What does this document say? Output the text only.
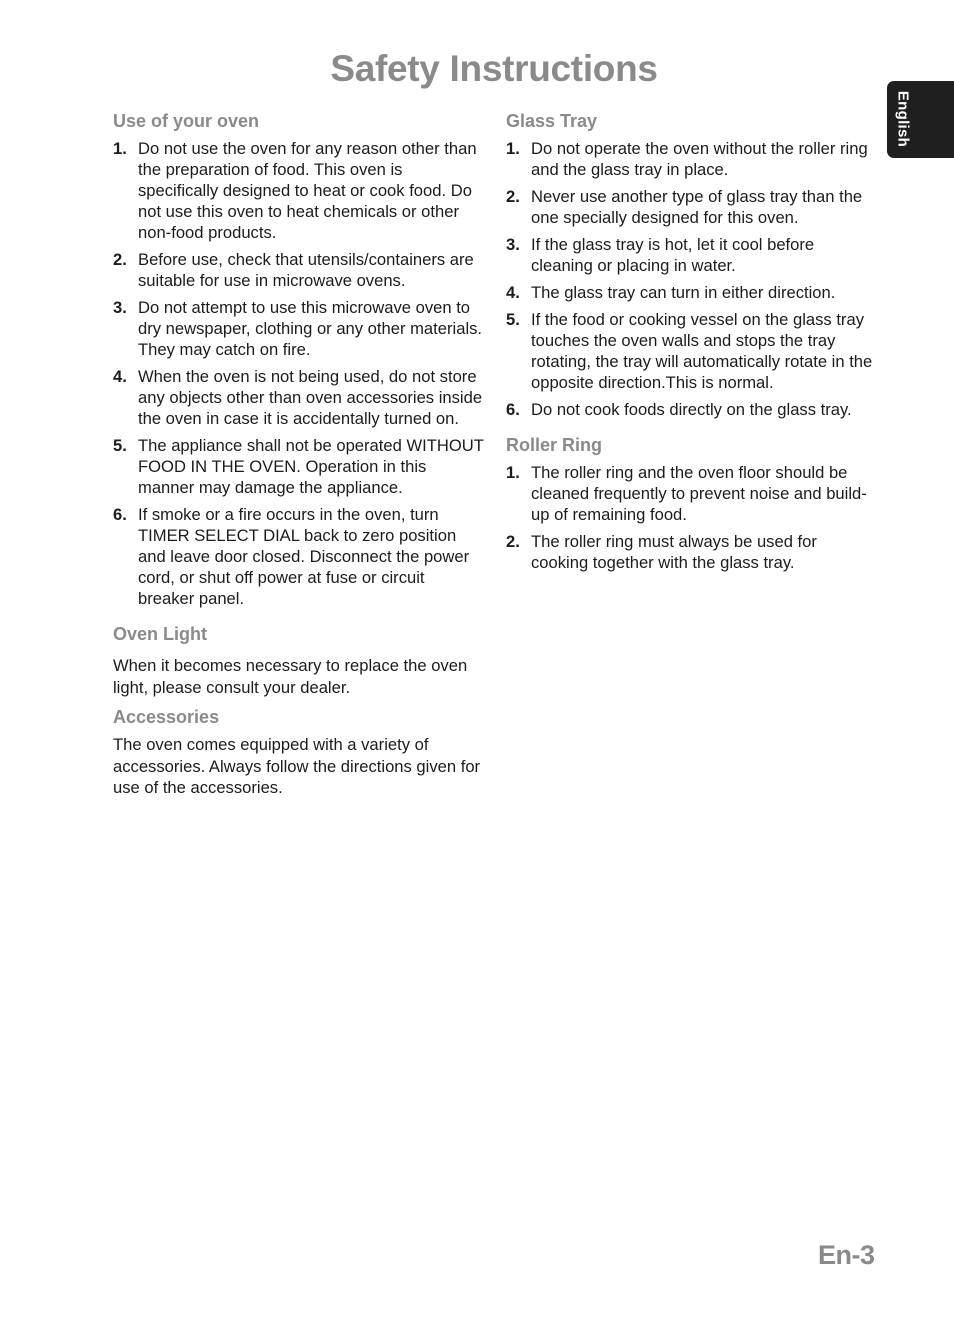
Safety Instructions
English
Use of your oven
1. Do not use the oven for any reason other than the preparation of food. This oven is specifically designed to heat or cook food. Do not use this oven to heat chemicals or other non-food products.
2. Before use, check that utensils/containers are suitable for use in microwave ovens.
3. Do not attempt to use this microwave oven to dry newspaper, clothing or any other materials. They may catch on fire.
4. When the oven is not being used, do not store any objects other than oven accessories inside the oven in case it is accidentally turned on.
5. The appliance shall not be operated WITHOUT FOOD IN THE OVEN. Operation in this manner may damage the appliance.
6. If smoke or a fire occurs in the oven, turn TIMER SELECT DIAL back to zero position and leave door closed. Disconnect the power cord, or shut off power at fuse or circuit breaker panel.
Oven Light

When it becomes necessary to replace the oven light, please consult your dealer.

Accessories

The oven comes equipped with a variety of accessories. Always follow the directions given for use of the accessories.

Glass Tray
1. Do not operate the oven without the roller ring and the glass tray in place.
2. Never use another type of glass tray than the one specially designed for this oven.
3. If the glass tray is hot, let it cool before cleaning or placing in water.
4. The glass tray can turn in either direction.
5. If the food or cooking vessel on the glass tray touches the oven walls and stops the tray rotating, the tray will automatically rotate in the opposite direction.This is normal.
6. Do not cook foods directly on the glass tray.
Roller Ring
1. The roller ring and the oven floor should be cleaned frequently to prevent noise and build-up of remaining food.
2. The roller ring must always be used for cooking together with the glass tray.
En-3
